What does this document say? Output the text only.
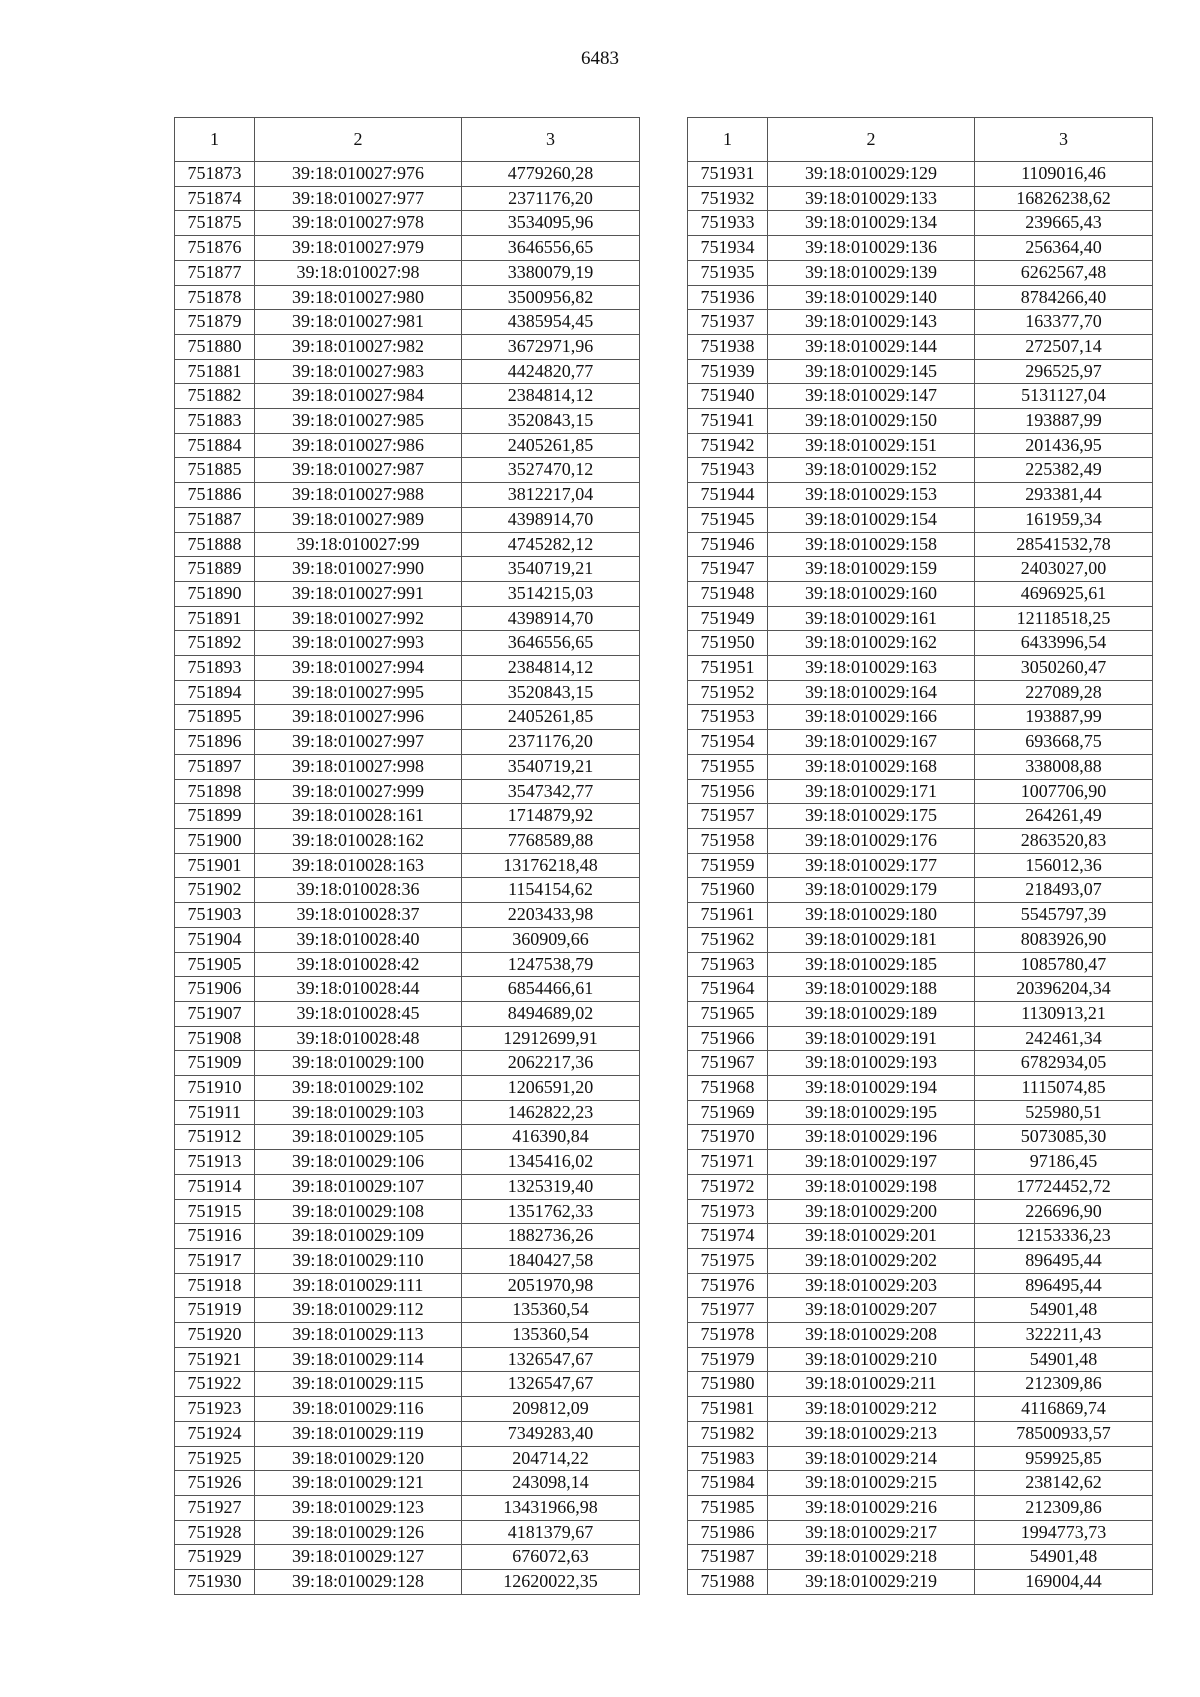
6483
1	2	3
751873	39:18:010027:976	4779260,28
751874	39:18:010027:977	2371176,20
751875	39:18:010027:978	3534095,96
751876	39:18:010027:979	3646556,65
751877	39:18:010027:98	3380079,19
751878	39:18:010027:980	3500956,82
751879	39:18:010027:981	4385954,45
751880	39:18:010027:982	3672971,96
751881	39:18:010027:983	4424820,77
751882	39:18:010027:984	2384814,12
751883	39:18:010027:985	3520843,15
751884	39:18:010027:986	2405261,85
751885	39:18:010027:987	3527470,12
751886	39:18:010027:988	3812217,04
751887	39:18:010027:989	4398914,70
751888	39:18:010027:99	4745282,12
751889	39:18:010027:990	3540719,21
751890	39:18:010027:991	3514215,03
751891	39:18:010027:992	4398914,70
751892	39:18:010027:993	3646556,65
751893	39:18:010027:994	2384814,12
751894	39:18:010027:995	3520843,15
751895	39:18:010027:996	2405261,85
751896	39:18:010027:997	2371176,20
751897	39:18:010027:998	3540719,21
751898	39:18:010027:999	3547342,77
751899	39:18:010028:161	1714879,92
751900	39:18:010028:162	7768589,88
751901	39:18:010028:163	13176218,48
751902	39:18:010028:36	1154154,62
751903	39:18:010028:37	2203433,98
751904	39:18:010028:40	360909,66
751905	39:18:010028:42	1247538,79
751906	39:18:010028:44	6854466,61
751907	39:18:010028:45	8494689,02
751908	39:18:010028:48	12912699,91
751909	39:18:010029:100	2062217,36
751910	39:18:010029:102	1206591,20
751911	39:18:010029:103	1462822,23
751912	39:18:010029:105	416390,84
751913	39:18:010029:106	1345416,02
751914	39:18:010029:107	1325319,40
751915	39:18:010029:108	1351762,33
751916	39:18:010029:109	1882736,26
751917	39:18:010029:110	1840427,58
751918	39:18:010029:111	2051970,98
751919	39:18:010029:112	135360,54
751920	39:18:010029:113	135360,54
751921	39:18:010029:114	1326547,67
751922	39:18:010029:115	1326547,67
751923	39:18:010029:116	209812,09
751924	39:18:010029:119	7349283,40
751925	39:18:010029:120	204714,22
751926	39:18:010029:121	243098,14
751927	39:18:010029:123	13431966,98
751928	39:18:010029:126	4181379,67
751929	39:18:010029:127	676072,63
751930	39:18:010029:128	12620022,35
1	2	3
751931	39:18:010029:129	1109016,46
751932	39:18:010029:133	16826238,62
751933	39:18:010029:134	239665,43
751934	39:18:010029:136	256364,40
751935	39:18:010029:139	6262567,48
751936	39:18:010029:140	8784266,40
751937	39:18:010029:143	163377,70
751938	39:18:010029:144	272507,14
751939	39:18:010029:145	296525,97
751940	39:18:010029:147	5131127,04
751941	39:18:010029:150	193887,99
751942	39:18:010029:151	201436,95
751943	39:18:010029:152	225382,49
751944	39:18:010029:153	293381,44
751945	39:18:010029:154	161959,34
751946	39:18:010029:158	28541532,78
751947	39:18:010029:159	2403027,00
751948	39:18:010029:160	4696925,61
751949	39:18:010029:161	12118518,25
751950	39:18:010029:162	6433996,54
751951	39:18:010029:163	3050260,47
751952	39:18:010029:164	227089,28
751953	39:18:010029:166	193887,99
751954	39:18:010029:167	693668,75
751955	39:18:010029:168	338008,88
751956	39:18:010029:171	1007706,90
751957	39:18:010029:175	264261,49
751958	39:18:010029:176	2863520,83
751959	39:18:010029:177	156012,36
751960	39:18:010029:179	218493,07
751961	39:18:010029:180	5545797,39
751962	39:18:010029:181	8083926,90
751963	39:18:010029:185	1085780,47
751964	39:18:010029:188	20396204,34
751965	39:18:010029:189	1130913,21
751966	39:18:010029:191	242461,34
751967	39:18:010029:193	6782934,05
751968	39:18:010029:194	1115074,85
751969	39:18:010029:195	525980,51
751970	39:18:010029:196	5073085,30
751971	39:18:010029:197	97186,45
751972	39:18:010029:198	17724452,72
751973	39:18:010029:200	226696,90
751974	39:18:010029:201	12153336,23
751975	39:18:010029:202	896495,44
751976	39:18:010029:203	896495,44
751977	39:18:010029:207	54901,48
751978	39:18:010029:208	322211,43
751979	39:18:010029:210	54901,48
751980	39:18:010029:211	212309,86
751981	39:18:010029:212	4116869,74
751982	39:18:010029:213	78500933,57
751983	39:18:010029:214	959925,85
751984	39:18:010029:215	238142,62
751985	39:18:010029:216	212309,86
751986	39:18:010029:217	1994773,73
751987	39:18:010029:218	54901,48
751988	39:18:010029:219	169004,44
